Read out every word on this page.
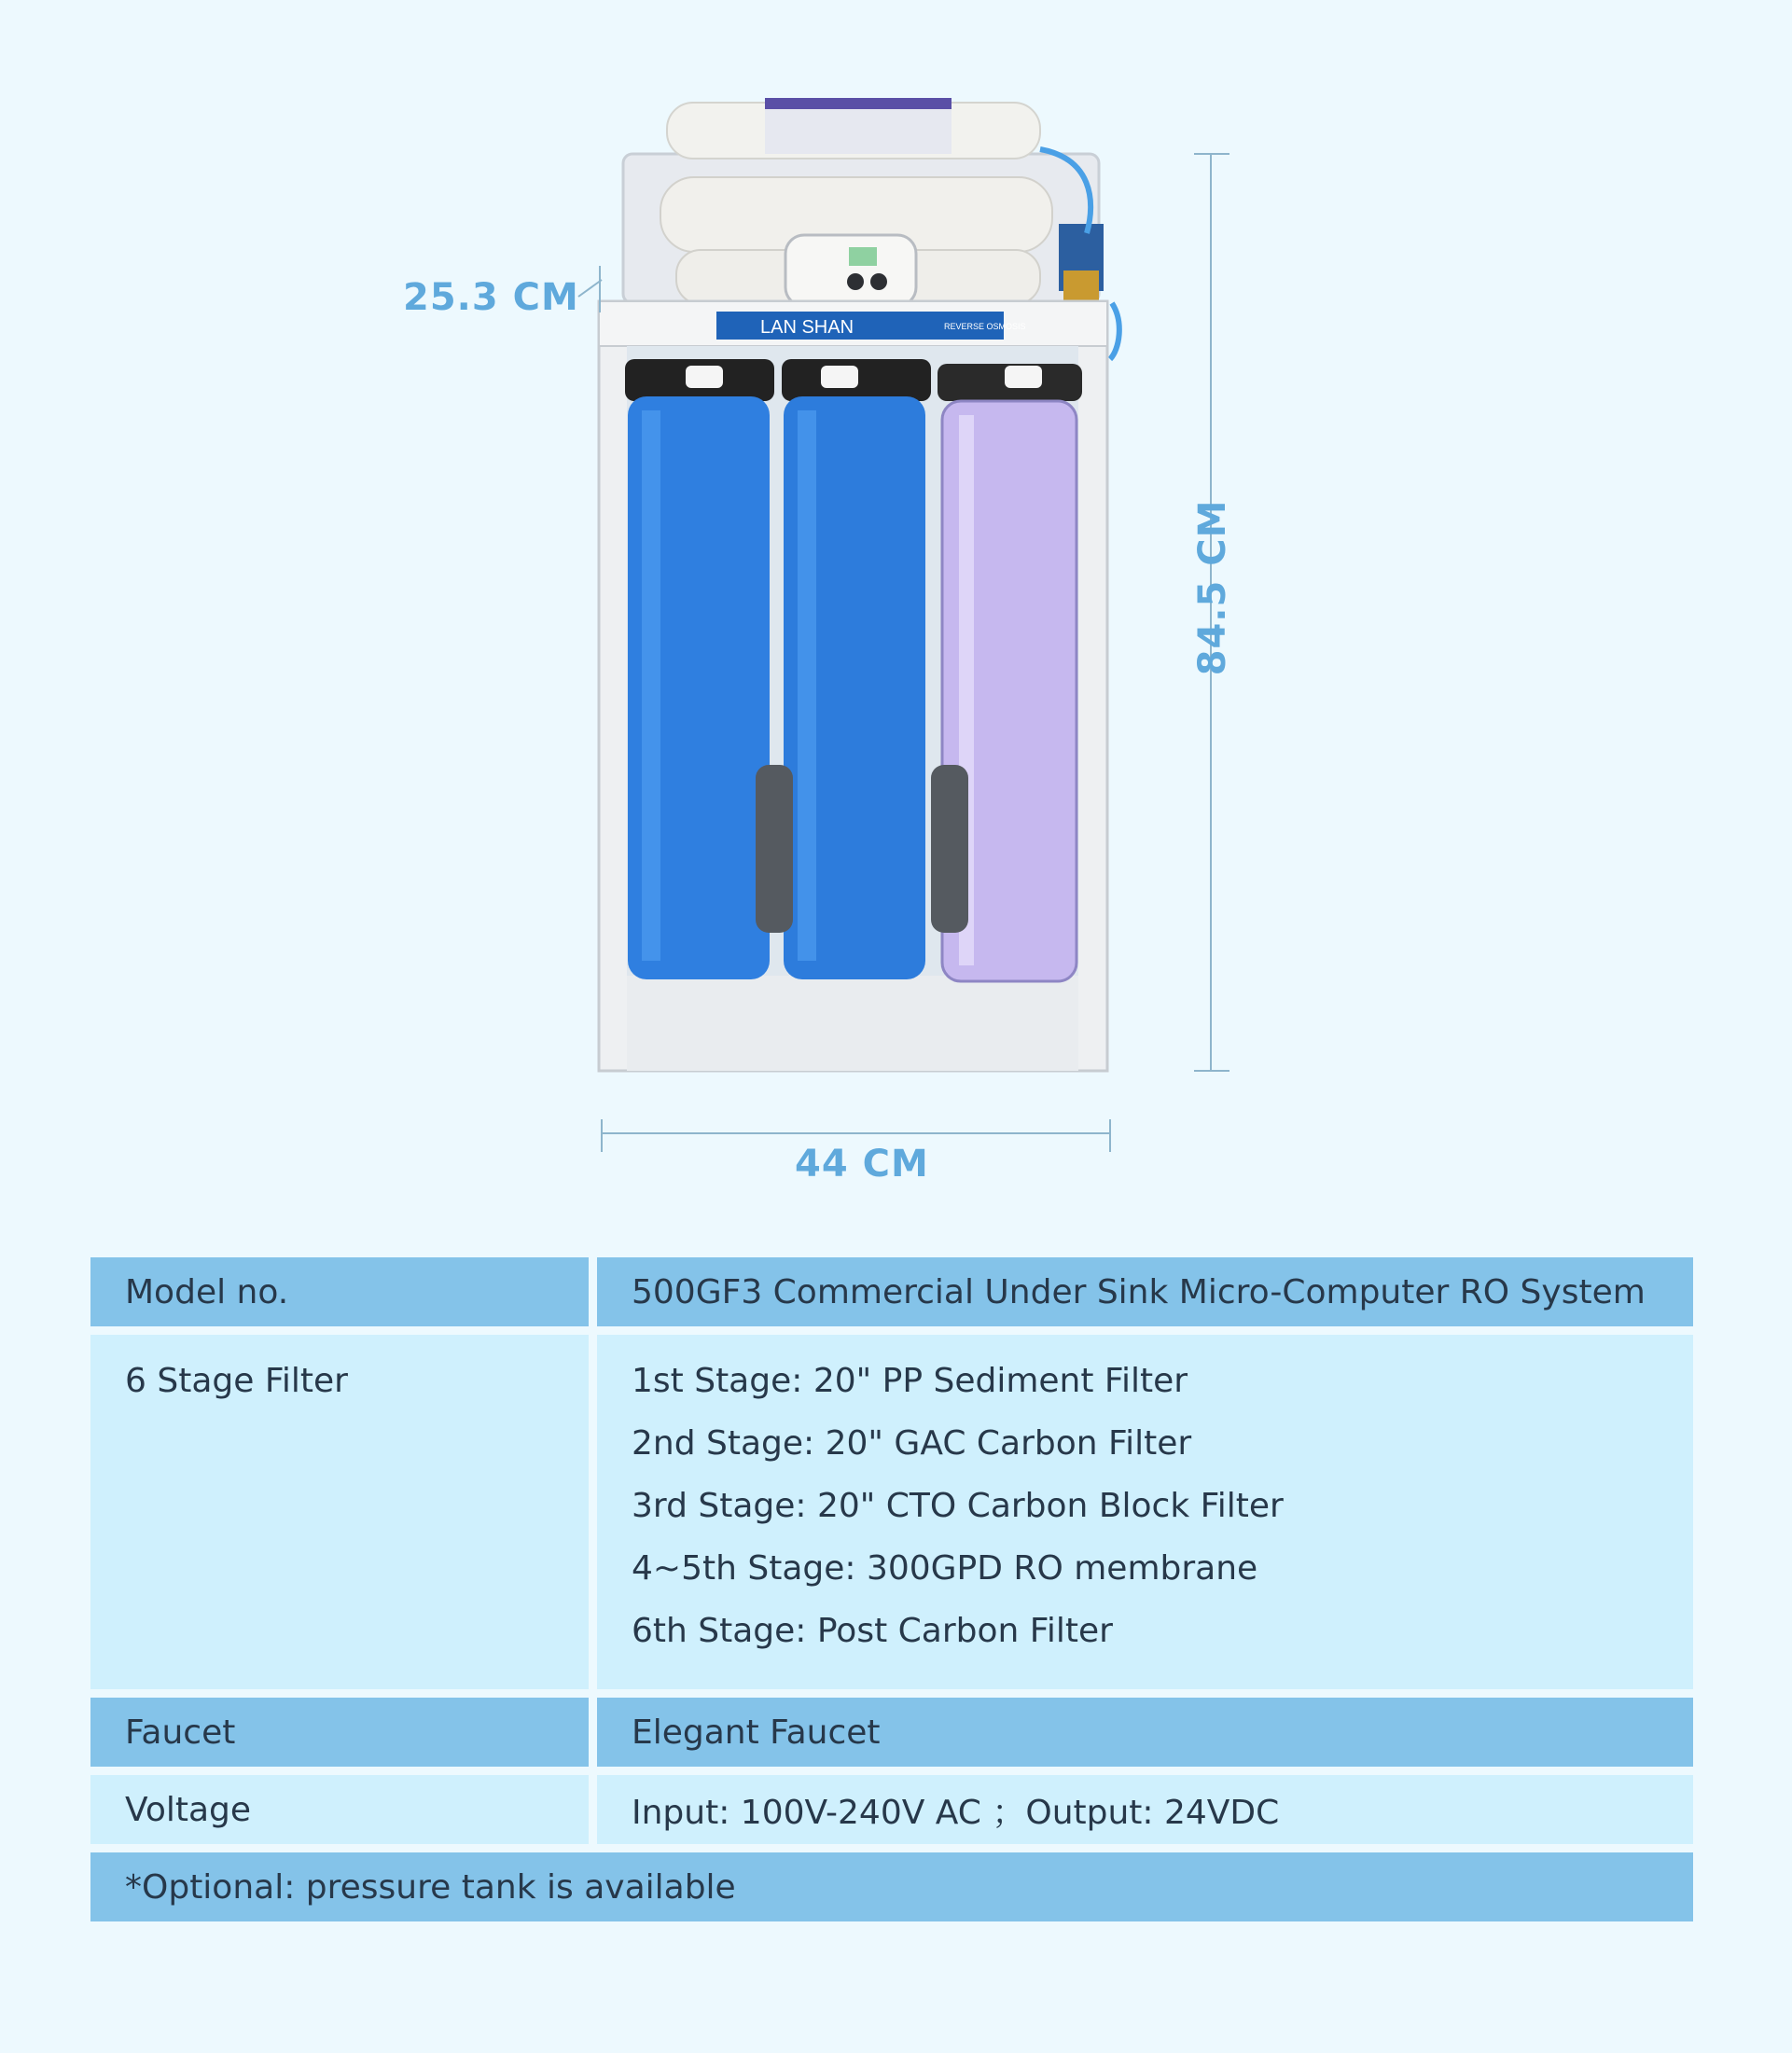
LAN SHAN	REVERSE OSMOSIS
25.3 CM
84.5 CM
44 CM
Model no.	500GF3 Commercial Under Sink Micro-Computer RO System
6 Stage Filter	1st Stage: 20" PP Sediment Filter
2nd Stage: 20" GAC Carbon Filter
3rd Stage: 20" CTO Carbon Block Filter
4~5th Stage: 300GPD RO membrane
6th Stage: Post Carbon Filter
Faucet	Elegant Faucet
Voltage	Input: 100V-240V AC ；Output: 24VDC
*Optional: pressure tank is available
